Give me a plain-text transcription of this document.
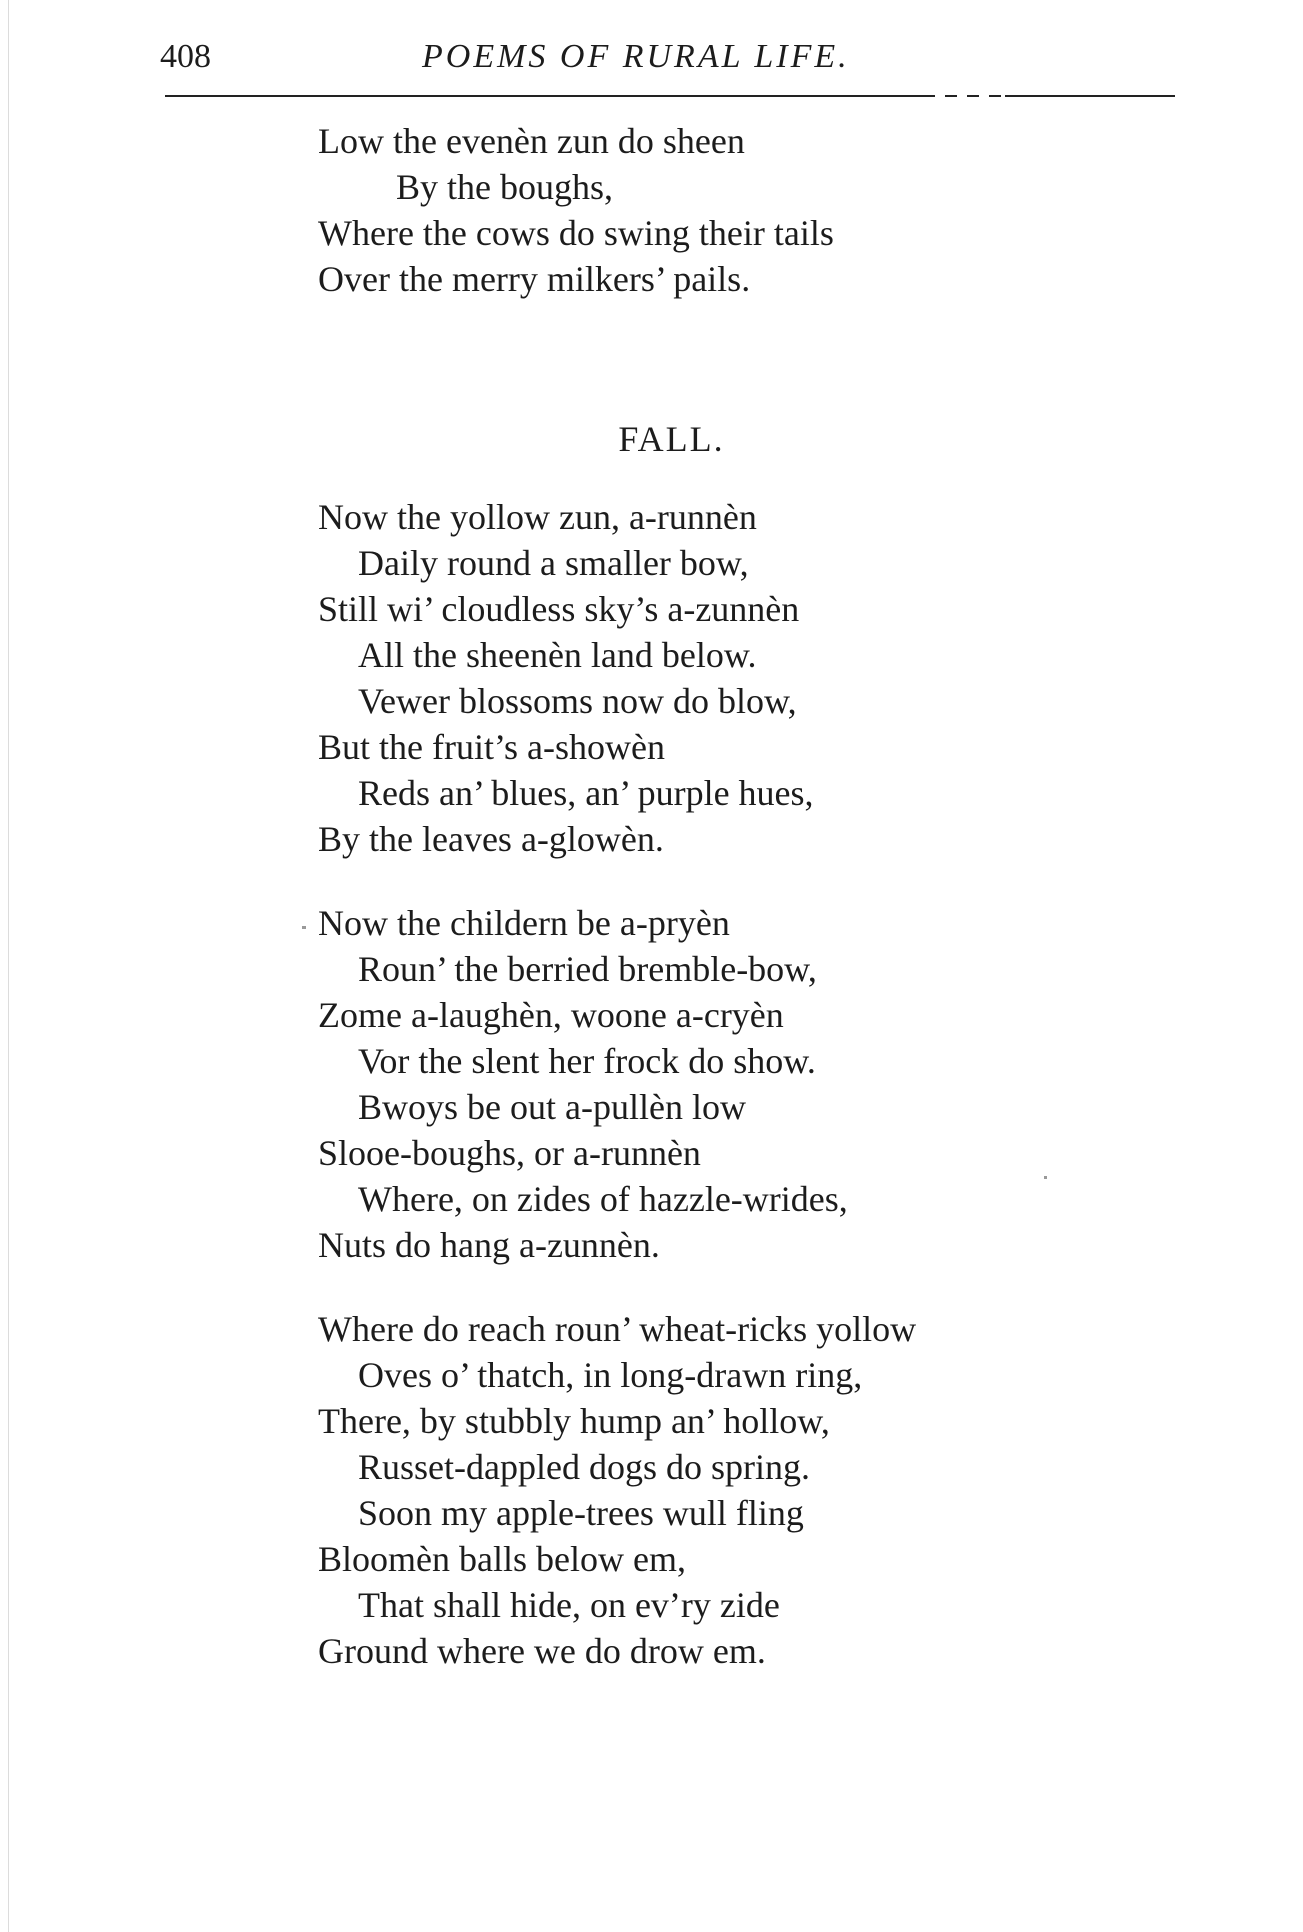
408	POEMS OF RURAL LIFE.
Low the evenèn zun do sheen
By the boughs,
Where the cows do swing their tails
Over the merry milkers’ pails.
FALL.
Now the yollow zun, a-runnèn
Daily round a smaller bow,
Still wi’ cloudless sky’s a-zunnèn
All the sheenèn land below.
Vewer blossoms now do blow,
But the fruit’s a-showèn
Reds an’ blues, an’ purple hues,
By the leaves a-glowèn.
Now the childern be a-pryèn
Roun’ the berried bremble-bow,
Zome a-laughèn, woone a-cryèn
Vor the slent her frock do show.
Bwoys be out a-pullèn low
Slooe-boughs, or a-runnèn
Where, on zides of hazzle-wrides,
Nuts do hang a-zunnèn.
Where do reach roun’ wheat-ricks yollow
Oves o’ thatch, in long-drawn ring,
There, by stubbly hump an’ hollow,
Russet-dappled dogs do spring.
Soon my apple-trees wull fling
Bloomèn balls below em,
That shall hide, on ev’ry zide
Ground where we do drow em.
